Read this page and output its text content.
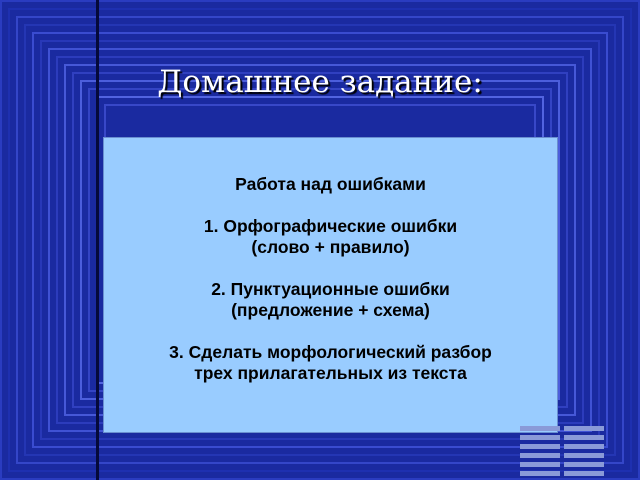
Домашнее задание:
Работа над ошибками
1. Орфографические ошибки
(слово + правило)
2. Пунктуационные ошибки
(предложение + схема)
3. Сделать морфологический разбор
трех прилагательных из текста
